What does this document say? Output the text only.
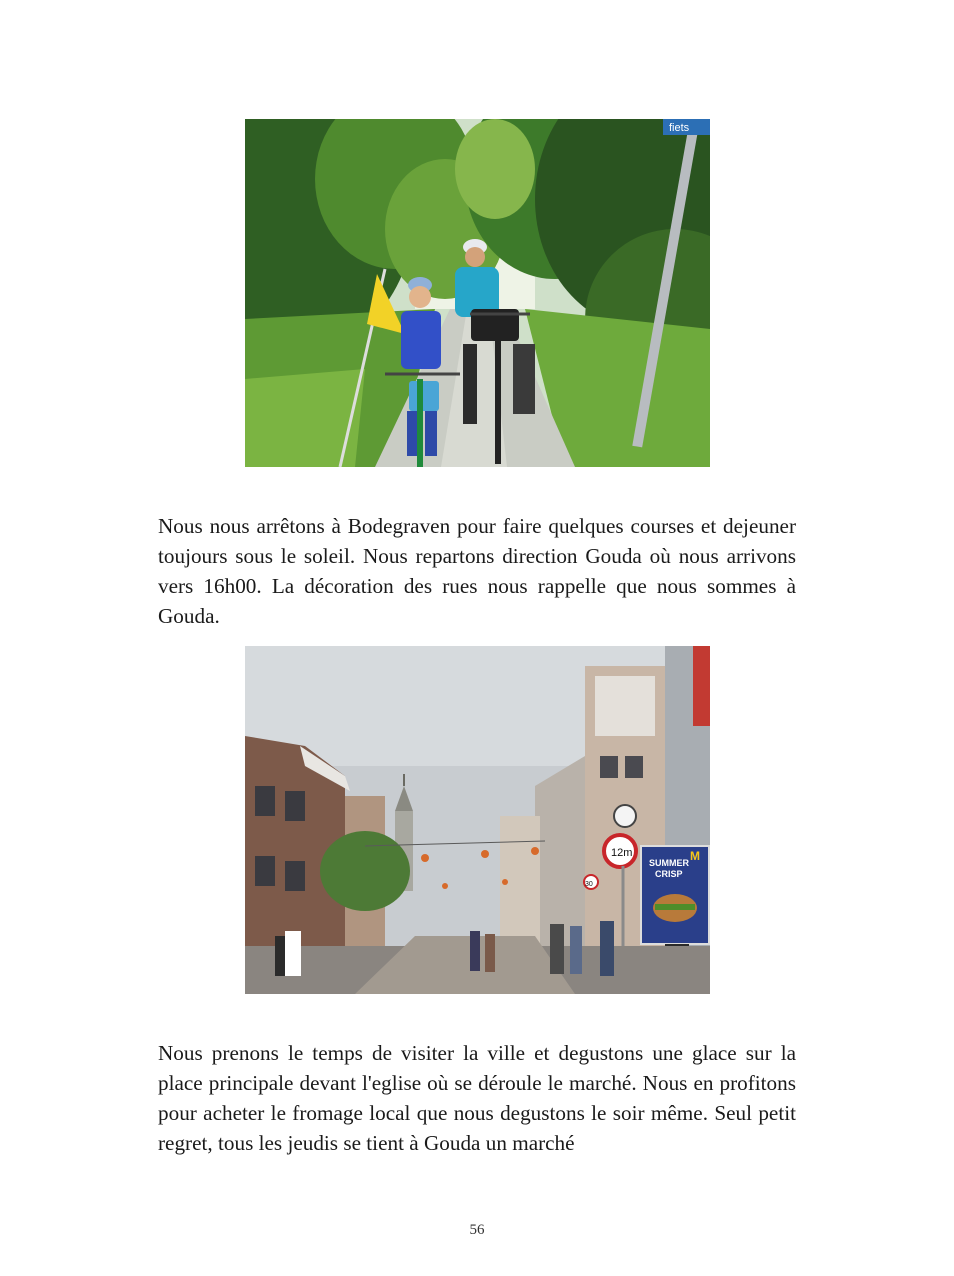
fiets

Nous nous arrêtons à Bodegraven pour faire quelques courses et dejeuner toujours sous le soleil. Nous repartons direction Gouda où nous arrivons vers 16h00. La décoration des rues nous rappelle que nous sommes à Gouda.

12m
30
SUMMER
CRISP
M

Nous prenons le temps de visiter la ville et degustons une glace sur la place principale devant l'eglise où se déroule le marché. Nous en profitons pour acheter le fromage local que nous degustons le soir même. Seul petit regret, tous les jeudis se tient à Gouda un marché

56
